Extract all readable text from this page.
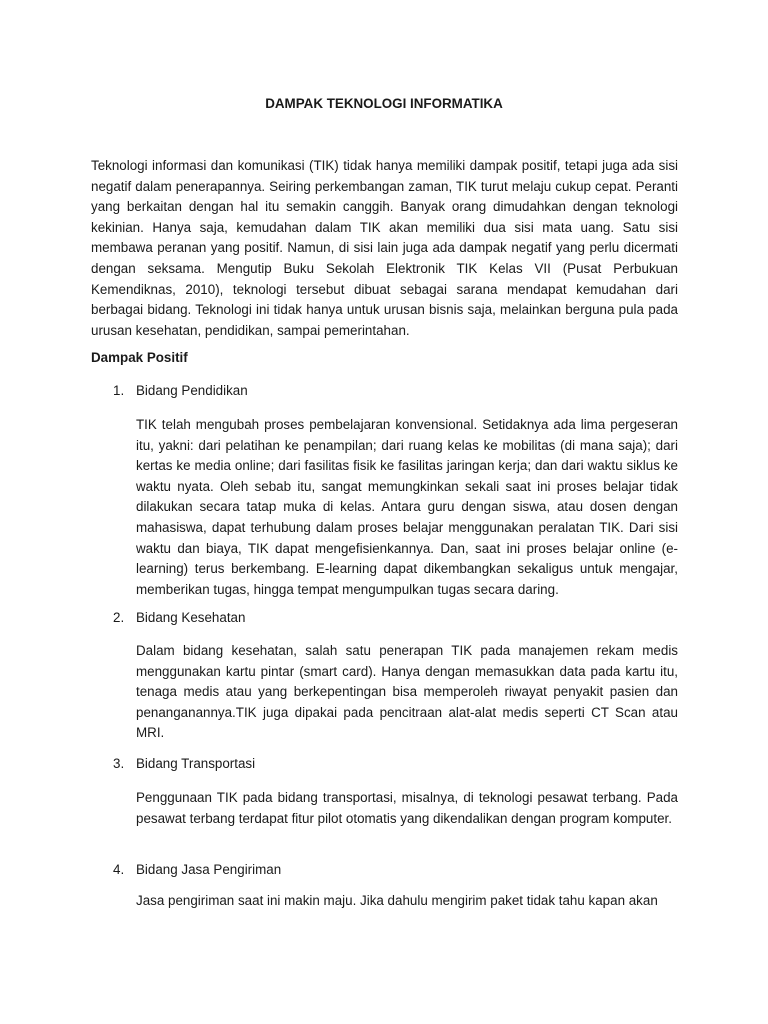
DAMPAK TEKNOLOGI INFORMATIKA

Teknologi informasi dan komunikasi (TIK) tidak hanya memiliki dampak positif, tetapi juga ada sisi negatif dalam penerapannya. Seiring perkembangan zaman, TIK turut melaju cukup cepat. Peranti yang berkaitan dengan hal itu semakin canggih. Banyak orang dimudahkan dengan teknologi kekinian. Hanya saja, kemudahan dalam TIK akan memiliki dua sisi mata uang. Satu sisi membawa peranan yang positif. Namun, di sisi lain juga ada dampak negatif yang perlu dicermati dengan seksama. Mengutip Buku Sekolah Elektronik TIK Kelas VII (Pusat Perbukuan Kemendiknas, 2010), teknologi tersebut dibuat sebagai sarana mendapat kemudahan dari berbagai bidang. Teknologi ini tidak hanya untuk urusan bisnis saja, melainkan berguna pula pada urusan kesehatan, pendidikan, sampai pemerintahan.

Dampak Positif

1. Bidang Pendidikan

TIK telah mengubah proses pembelajaran konvensional. Setidaknya ada lima pergeseran itu, yakni: dari pelatihan ke penampilan; dari ruang kelas ke mobilitas (di mana saja); dari kertas ke media online; dari fasilitas fisik ke fasilitas jaringan kerja; dan dari waktu siklus ke waktu nyata. Oleh sebab itu, sangat memungkinkan sekali saat ini proses belajar tidak dilakukan secara tatap muka di kelas. Antara guru dengan siswa, atau dosen dengan mahasiswa, dapat terhubung dalam proses belajar menggunakan peralatan TIK. Dari sisi waktu dan biaya, TIK dapat mengefisienkannya. Dan, saat ini proses belajar online (e-learning) terus berkembang. E-learning dapat dikembangkan sekaligus untuk mengajar, memberikan tugas, hingga tempat mengumpulkan tugas secara daring.

2. Bidang Kesehatan

Dalam bidang kesehatan, salah satu penerapan TIK pada manajemen rekam medis menggunakan kartu pintar (smart card). Hanya dengan memasukkan data pada kartu itu, tenaga medis atau yang berkepentingan bisa memperoleh riwayat penyakit pasien dan penanganannya.TIK juga dipakai pada pencitraan alat-alat medis seperti CT Scan atau MRI.

3. Bidang Transportasi

Penggunaan TIK pada bidang transportasi, misalnya, di teknologi pesawat terbang. Pada pesawat terbang terdapat fitur pilot otomatis yang dikendalikan dengan program komputer.

4. Bidang Jasa Pengiriman

Jasa pengiriman saat ini makin maju. Jika dahulu mengirim paket tidak tahu kapan akan
